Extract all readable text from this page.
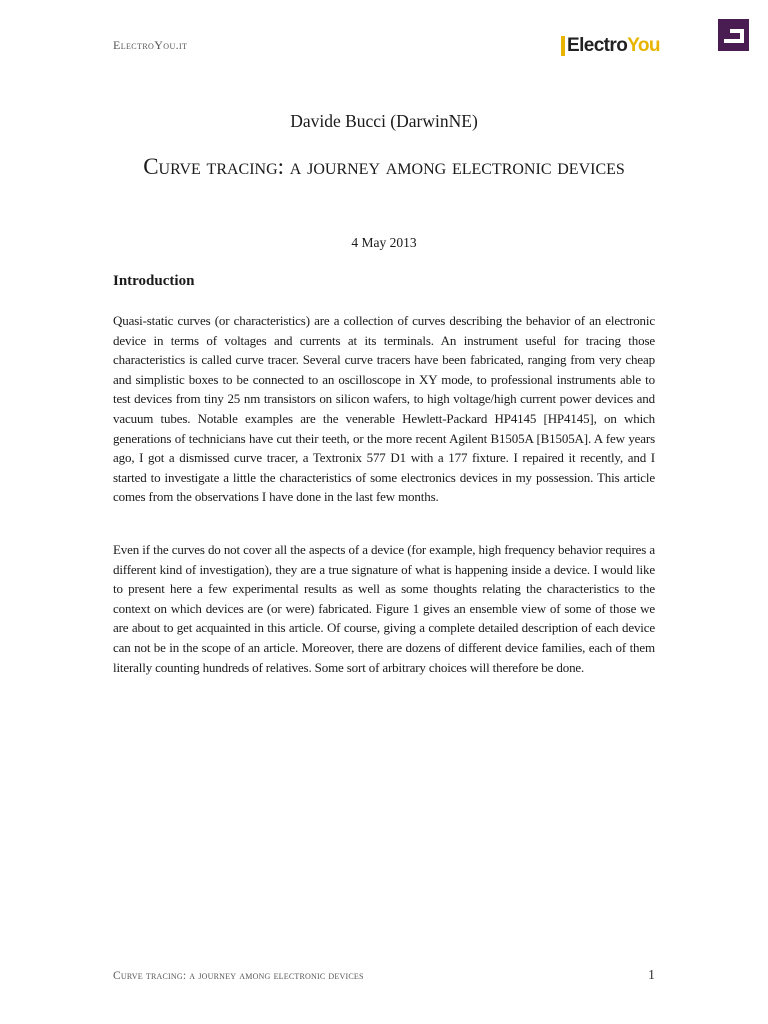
ElectroYou.it	Electro You
Davide Bucci (DarwinNE)
Curve tracing: a journey among electronic devices
4 May 2013
Introduction

Quasi-static curves (or characteristics) are a collection of curves describing the behavior of an electronic device in terms of voltages and currents at its terminals. An instrument useful for tracing those characteristics is called curve tracer. Several curve tracers have been fabricated, ranging from very cheap and simplistic boxes to be connected to an oscilloscope in XY mode, to professional instruments able to test devices from tiny 25 nm transistors on silicon wafers, to high voltage/high current power devices and vacuum tubes. Notable examples are the venerable Hewlett-Packard HP4145 [HP4145], on which generations of technicians have cut their teeth, or the more recent Agilent B1505A [B1505A]. A few years ago, I got a dismissed curve tracer, a Textronix 577 D1 with a 177 fixture. I repaired it recently, and I started to investigate a little the characteristics of some electronics devices in my possession. This article comes from the observations I have done in the last few months.

Even if the curves do not cover all the aspects of a device (for example, high frequency behavior requires a different kind of investigation), they are a true signature of what is happening inside a device. I would like to present here a few experimental results as well as some thoughts relating the characteristics to the context on which devices are (or were) fabricated. Figure 1 gives an ensemble view of some of those we are about to get acquainted in this article. Of course, giving a complete detailed description of each device can not be in the scope of an article. Moreover, there are dozens of different device families, each of them literally counting hundreds of relatives. Some sort of arbitrary choices will therefore be done.

Curve tracing: a journey among electronic devices	1
